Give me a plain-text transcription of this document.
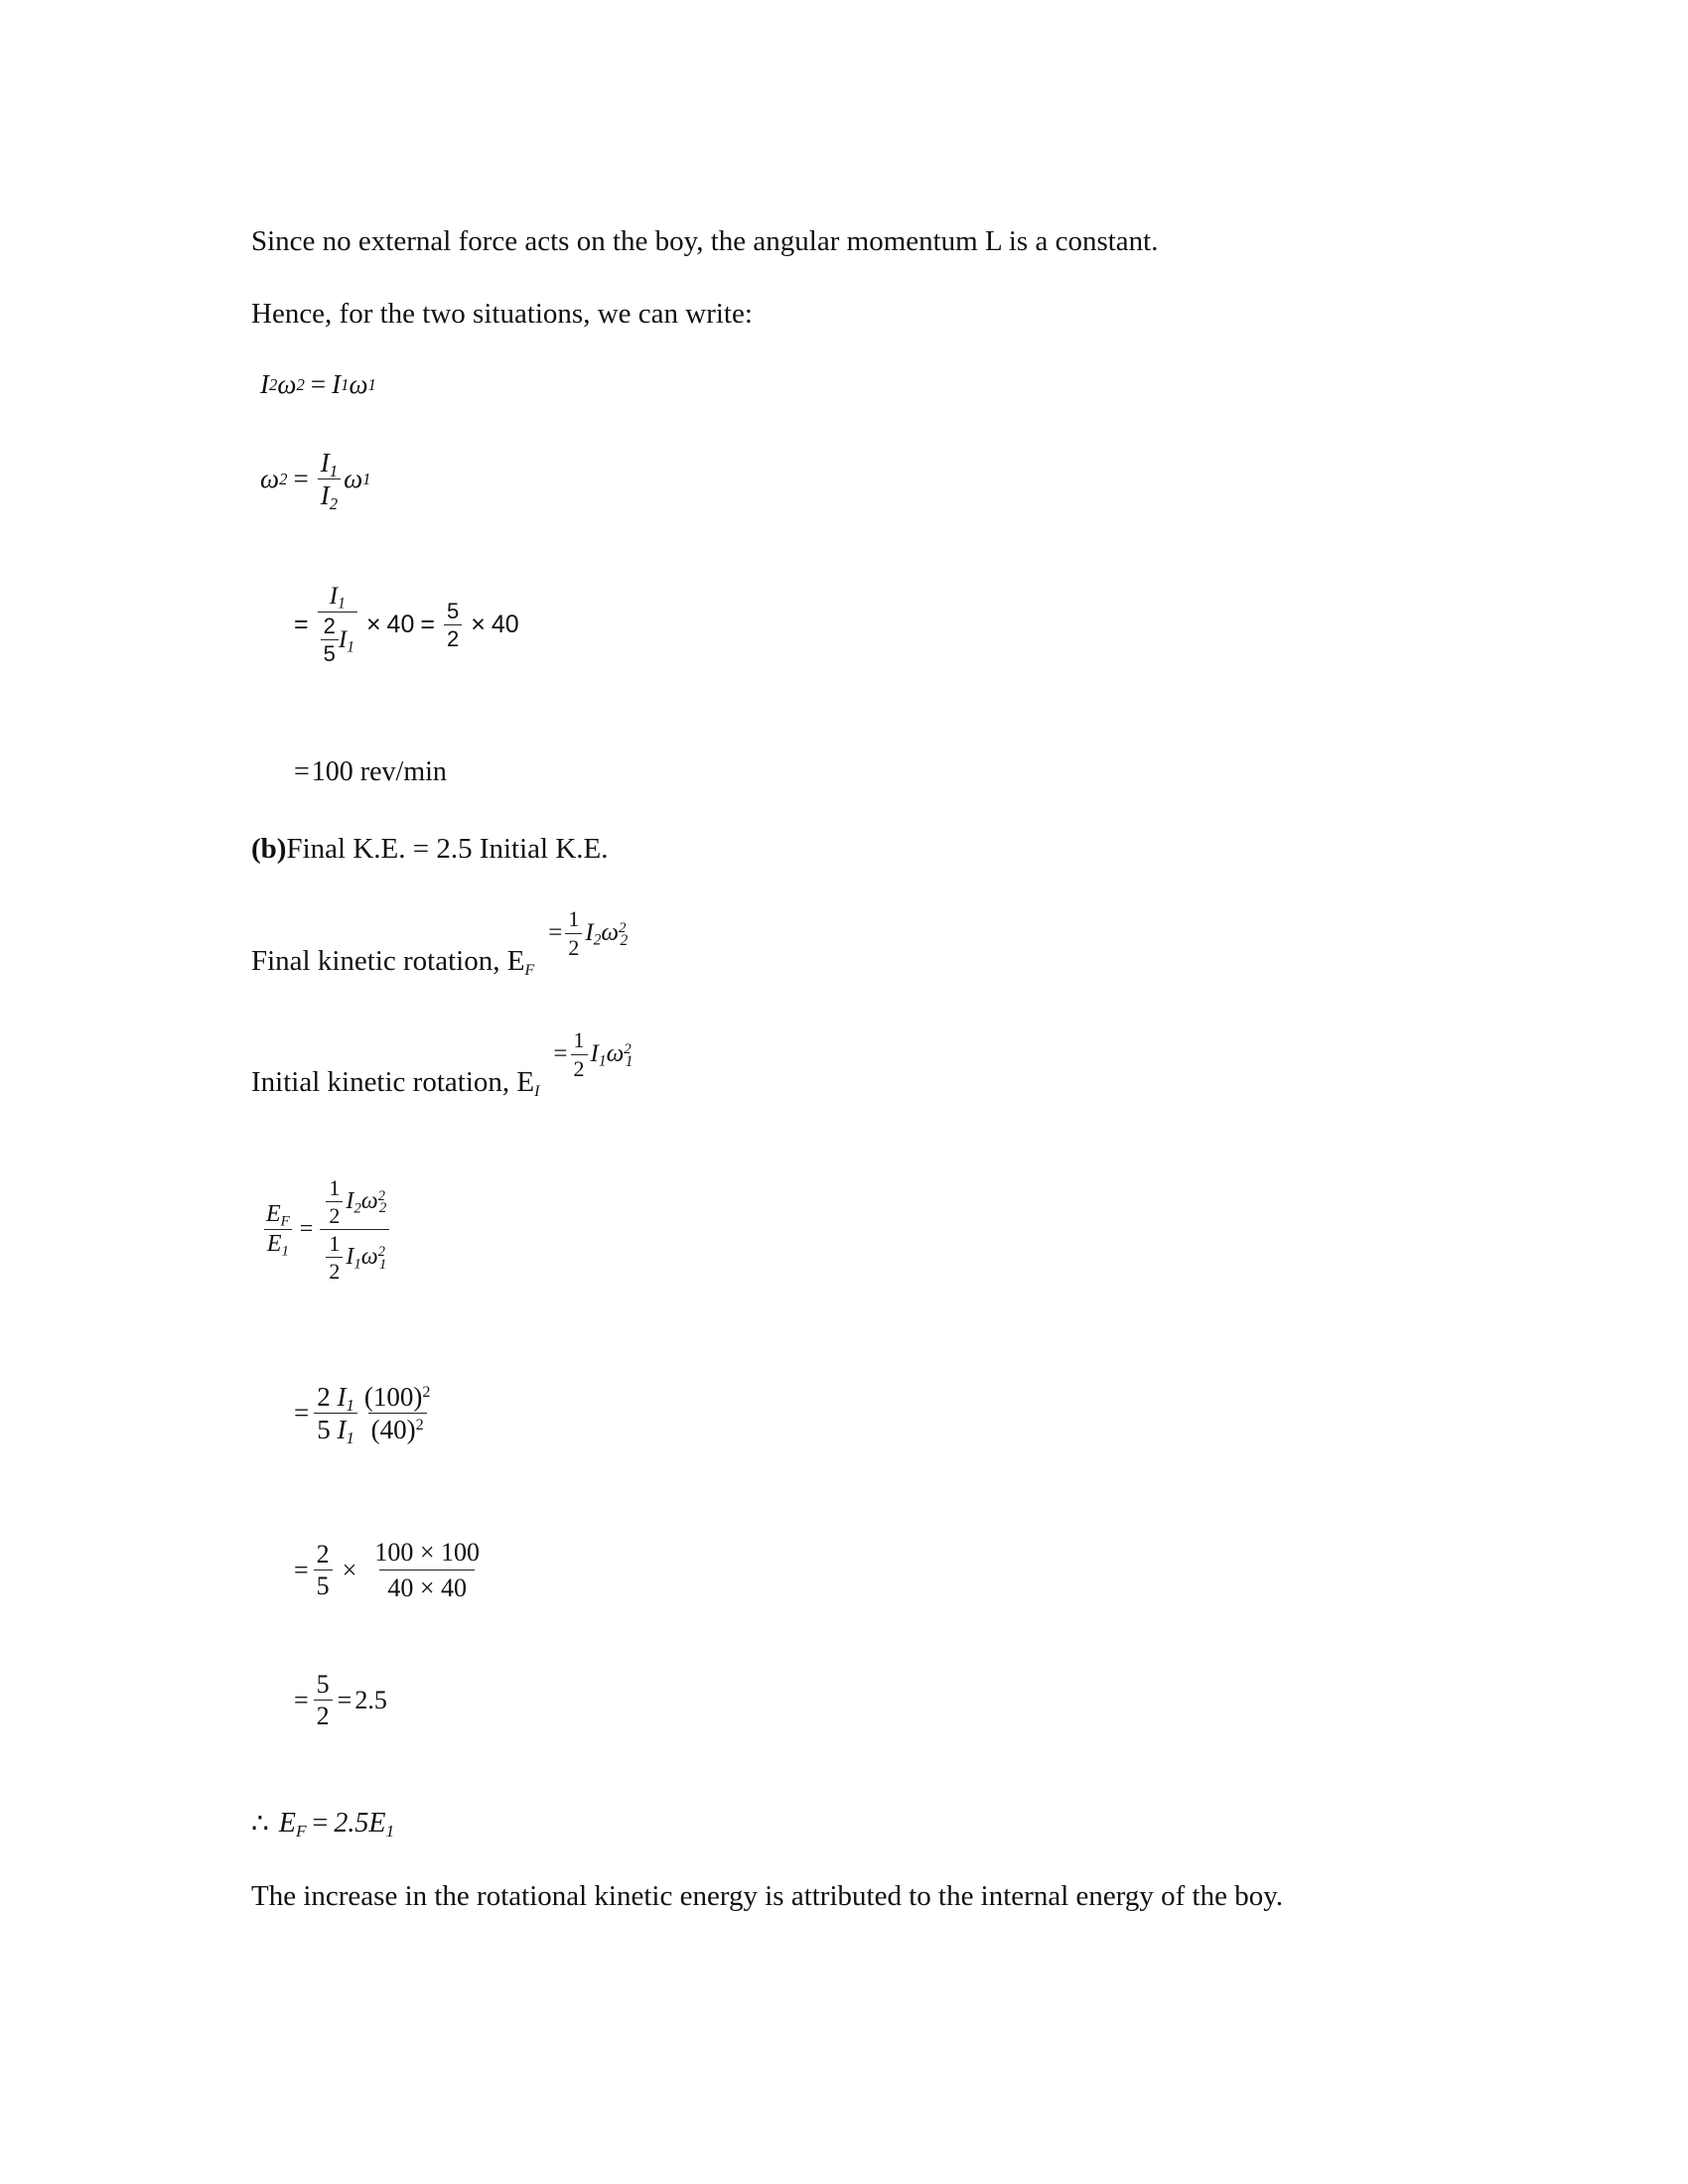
Since no external force acts on the boy, the angular momentum L is a constant.
Hence, for the two situations, we can write:
I 2 ω 2 = I 1 ω 1
ω $2 = \frac{I_1}{I_2}$ ω 1
= $\frac{I_1}{\frac{2}{5} I_1} \times 40 = \frac{5}{2} \times 40$
= 100 rev/min
(b)Final K.E. = 2.5 Initial K.E.
Final kinetic rotation, $E_F$
= $\frac{1}{2} I_2\omega^2_2$
Initial kinetic rotation, $E_I$
= $\frac{1}{2} I_1\omega^2_1$
$\frac{E_F}{E_1} = \frac{\frac{1}{2} I_2\omega^2_2}{\frac{1}{2} I_1\omega^2_1}$
= $\frac{2 I_1}{5 I_1} \frac{(100)^2}{(40)^2}$
= $\frac{2}{5} \times \frac{100 \times 100}{40 \times 40}$
= $\frac{5}{2} = 2.5$
∴ $E_F = 2.5E_1$
The increase in the rotational kinetic energy is attributed to the internal energy of the boy.
